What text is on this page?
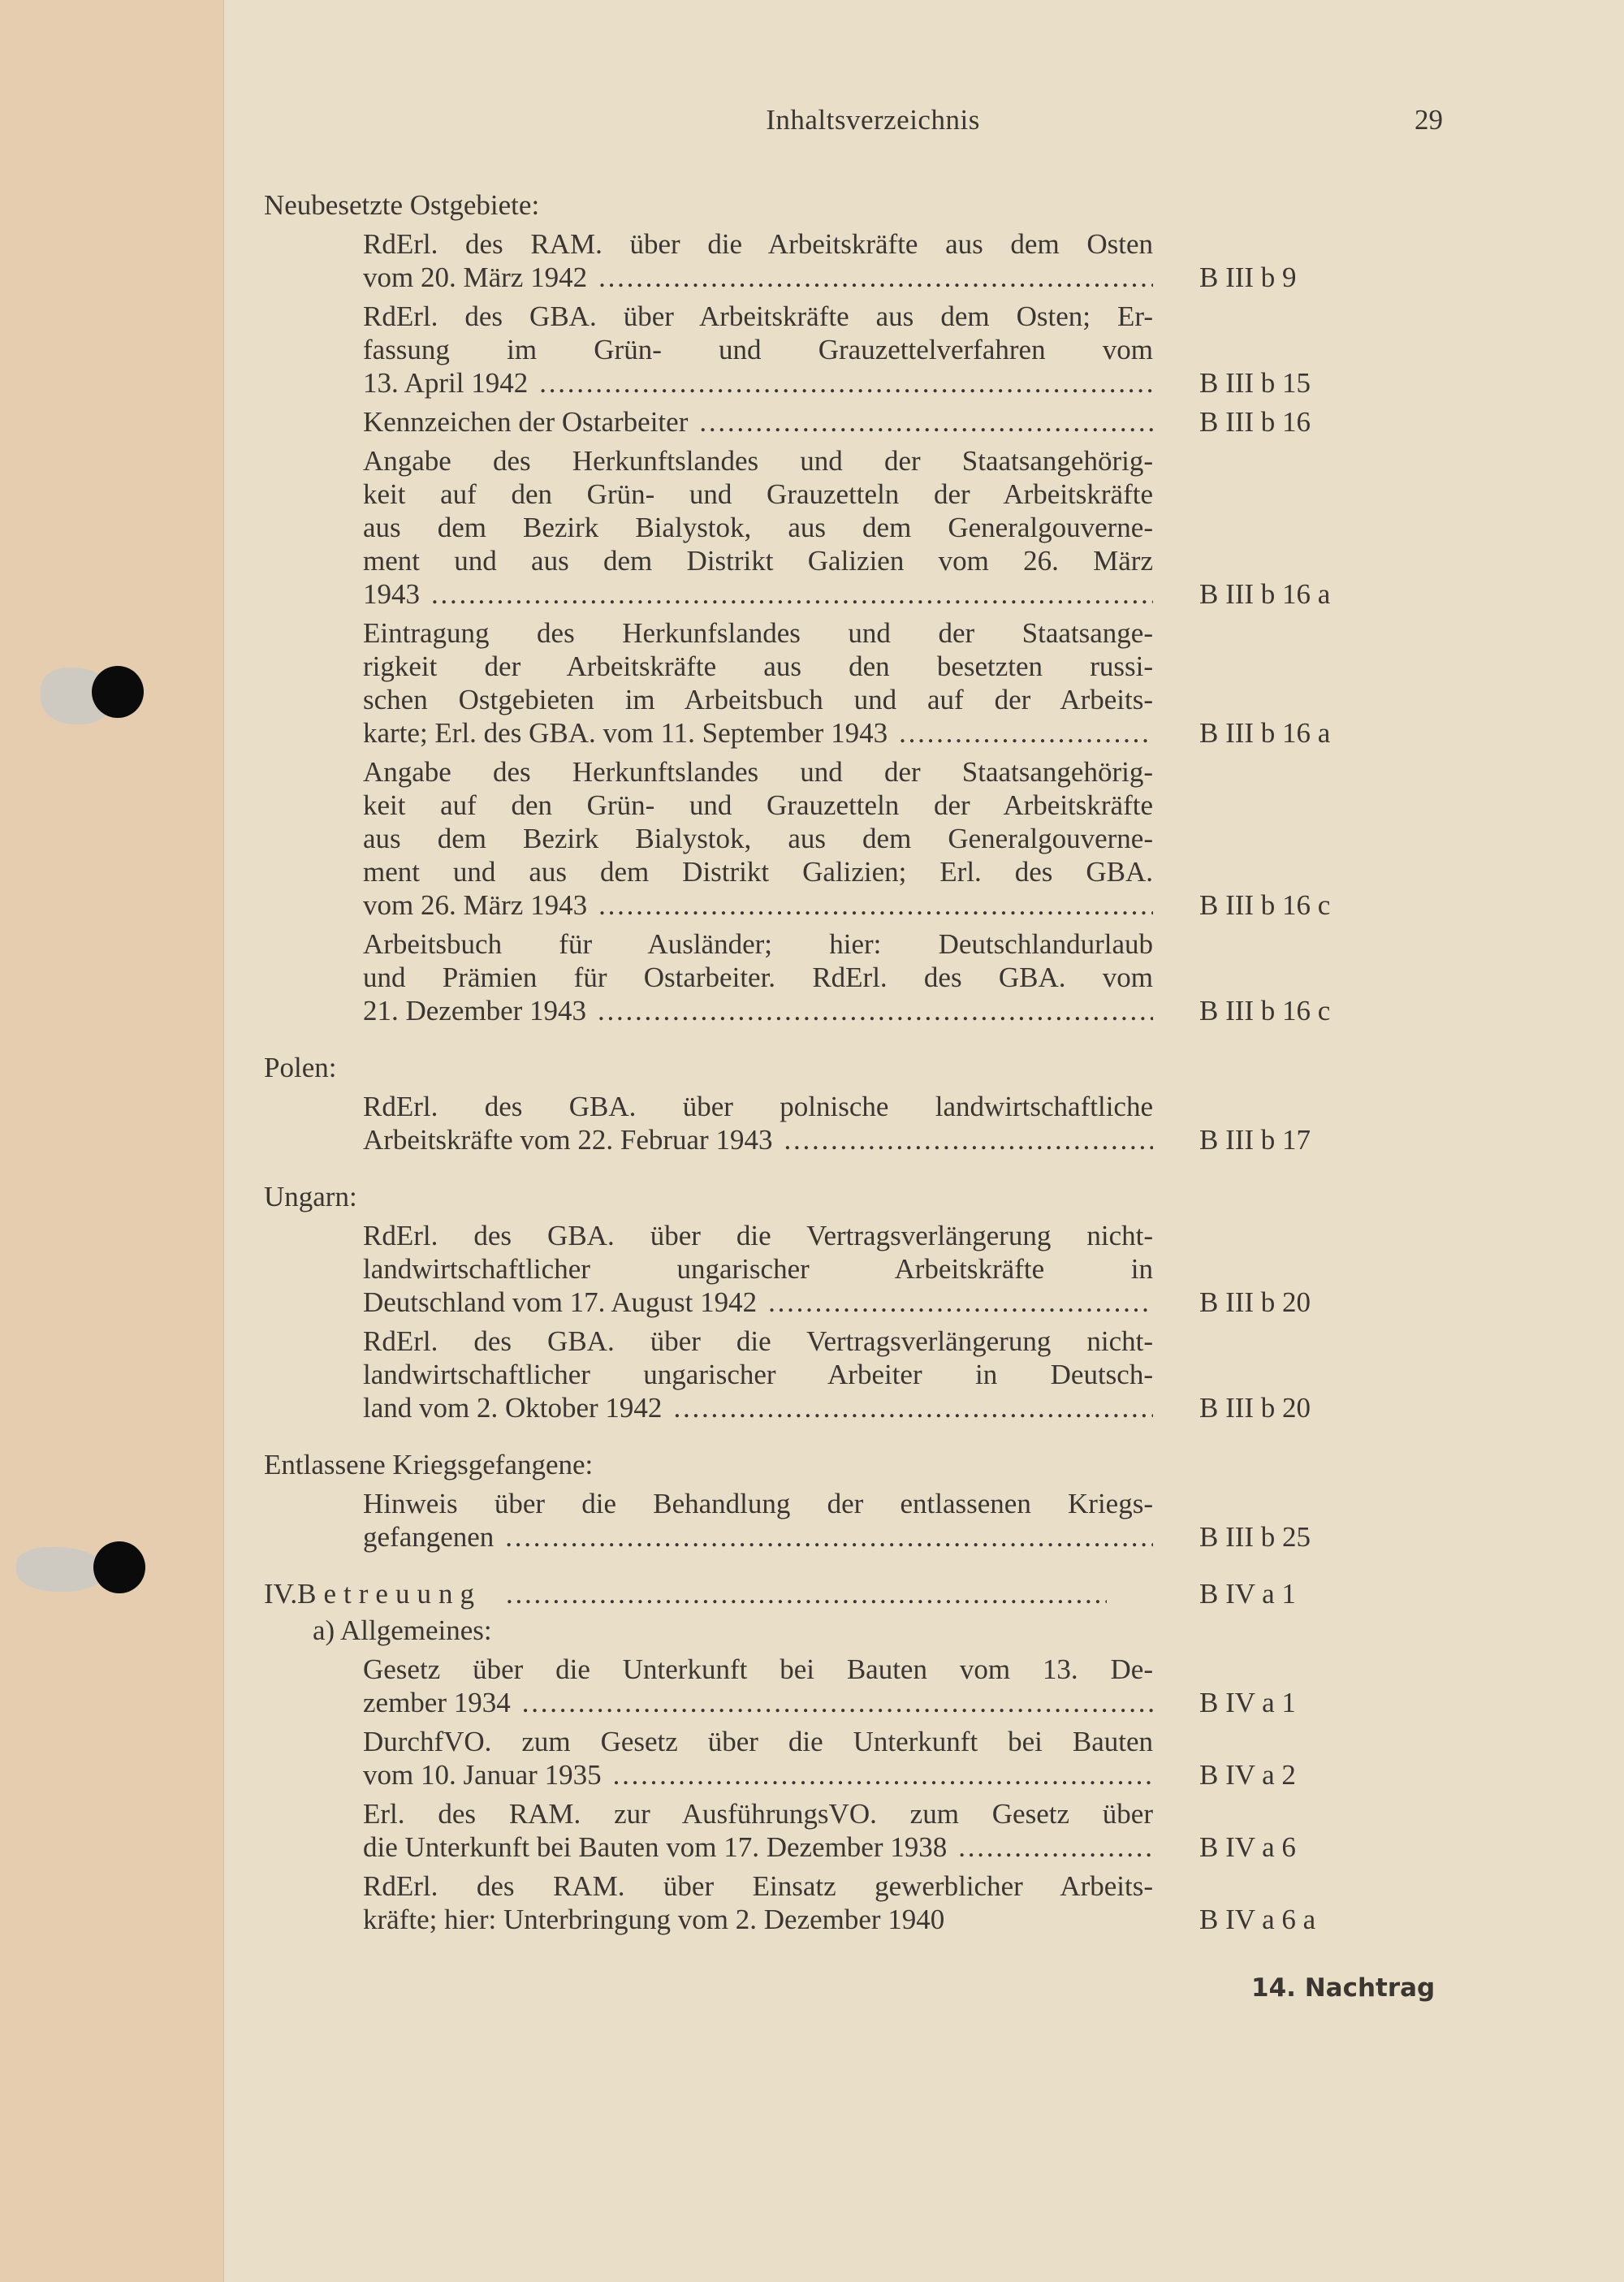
Inhaltsverzeichnis	29
Neubesetzte Ostgebiete:
RdErl. des RAM. über die Arbeitskräfte aus dem Osten
vom 20. März 1942 . . .	B III b 9
RdErl. des GBA. über Arbeitskräfte aus dem Osten; Er-
fassung im Grün- und Grauzettelverfahren vom
13. April 1942 . . .	B III b 15
Kennzeichen der Ostarbeiter . . .	B III b 16
Angabe des Herkunftslandes und der Staatsangehörig-
keit auf den Grün- und Grauzetteln der Arbeitskräfte
aus dem Bezirk Bialystok, aus dem Generalgouverne-
ment und aus dem Distrikt Galizien vom 26. März
1943 . . .	B III b 16 a
Eintragung des Herkunfslandes und der Staatsange-
rigkeit der Arbeitskräfte aus den besetzten russi-
schen Ostgebieten im Arbeitsbuch und auf der Arbeits-
karte; Erl. des GBA. vom 11. September 1943 . . .	B III b 16 a
Angabe des Herkunftslandes und der Staatsangehörig-
keit auf den Grün- und Grauzetteln der Arbeitskräfte
aus dem Bezirk Bialystok, aus dem Generalgouverne-
ment und aus dem Distrikt Galizien; Erl. des GBA.
vom 26. März 1943 . . .	B III b 16 c
Arbeitsbuch für Ausländer; hier: Deutschlandurlaub
und Prämien für Ostarbeiter. RdErl. des GBA. vom
21. Dezember 1943 . . .	B III b 16 c
Polen:
RdErl. des GBA. über polnische landwirtschaftliche
Arbeitskräfte vom 22. Februar 1943 . . .	B III b 17
Ungarn:
RdErl. des GBA. über die Vertragsverlängerung nicht-
landwirtschaftlicher ungarischer Arbeitskräfte in
Deutschland vom 17. August 1942 . . .	B III b 20
RdErl. des GBA. über die Vertragsverlängerung nicht-
landwirtschaftlicher ungarischer Arbeiter in Deutsch-
land vom 2. Oktober 1942 . . .	B III b 20
Entlassene Kriegsgefangene:
Hinweis über die Behandlung der entlassenen Kriegs-
gefangenen . . .	B III b 25
IV. Betreuung . . .	B IV a 1
a) Allgemeines:
Gesetz über die Unterkunft bei Bauten vom 13. De-
zember 1934 . . .	B IV a 1
DurchfVO. zum Gesetz über die Unterkunft bei Bauten
vom 10. Januar 1935 . . .	B IV a 2
Erl. des RAM. zur AusführungsVO. zum Gesetz über
die Unterkunft bei Bauten vom 17. Dezember 1938 . . .	B IV a 6
RdErl. des RAM. über Einsatz gewerblicher Arbeits-
kräfte; hier: Unterbringung vom 2. Dezember 1940	B IV a 6 a
14. Nachtrag
